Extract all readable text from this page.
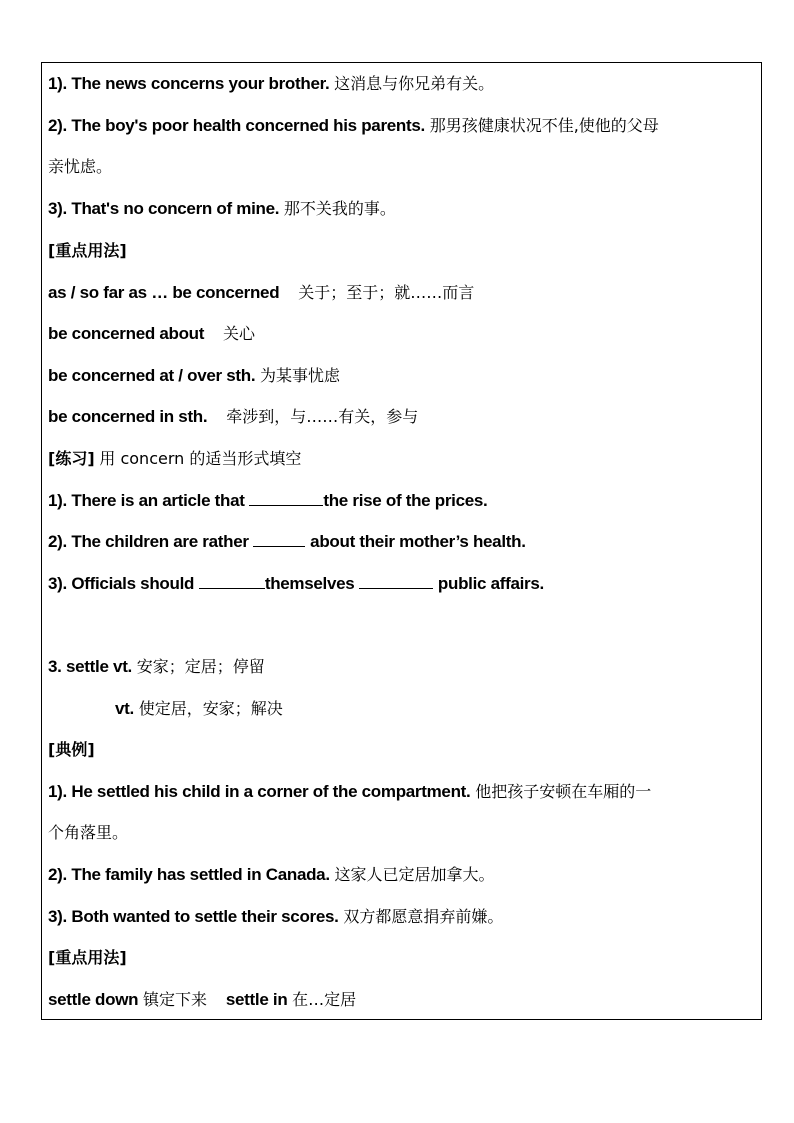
1). The news concerns your brother. 这消息与你兄弟有关。
2). The boy's poor health concerned his parents. 那男孩健康状况不佳,使他的父母
亲忧虑。
3). That's no concern of mine. 那不关我的事。
[重点用法]
as / so far as … be concerned 关于；至于；就……而言
be concerned about 关心
be concerned at / over sth. 为某事忧虑
be concerned in sth. 牵涉到，与……有关，参与
[练习] 用 concern 的适当形式填空
1). There is an article that	the rise of the prices.
2). The children are rather	about their mother’s health.
3). Officials should	themselves	public affairs.
3. settle vt. 安家；定居；停留
vt. 使定居，安家；解决
[典例]
1). He settled his child in a corner of the compartment. 他把孩子安顿在车厢的一
个角落里。
2). The family has settled in Canada. 这家人已定居加拿大。
3). Both wanted to settle their scores. 双方都愿意捐弃前嫌。
[重点用法]
settle down 镇定下来 settle in 在…定居
